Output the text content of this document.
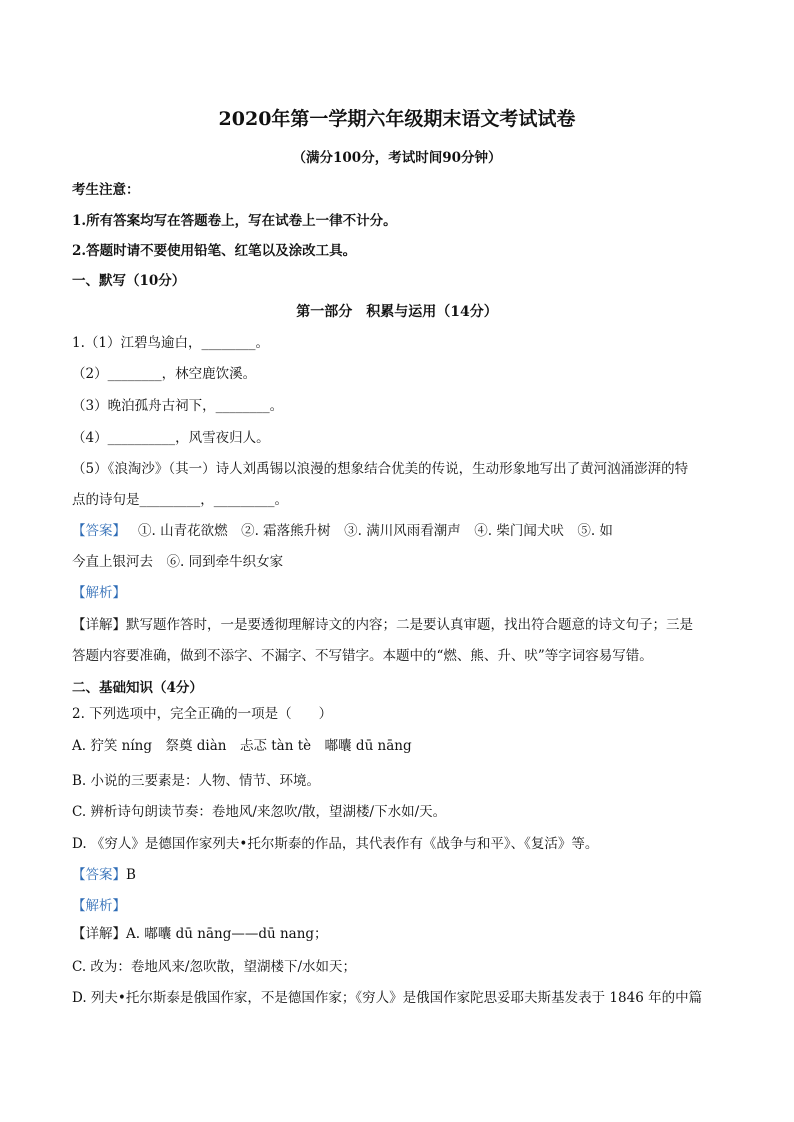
2020年第一学期六年级期末语文考试试卷
（满分100分，考试时间90分钟）
考生注意：
1.所有答案均写在答题卷上，写在试卷上一律不计分。
2.答题时请不要使用铅笔、红笔以及涂改工具。
一、默写（10分）
第一部分　积累与运用（14分）
1.（1）江碧鸟逾白，________。
（2）________，林空鹿饮溪。
（3）晚泊孤舟古祠下，________。
（4）__________，风雪夜归人。
（5）《浪淘沙》（其一）诗人刘禹锡以浪漫的想象结合优美的传说，生动形象地写出了黄河汹涌澎湃的特
点的诗句是_________，_________。
【答案】 ①. 山青花欲燃　②. 霜落熊升树　③. 满川风雨看潮声　④. 柴门闻犬吠　⑤. 如
今直上银河去　⑥. 同到牵牛织女家
【解析】
【详解】默写题作答时，一是要透彻理解诗文的内容；二是要认真审题，找出符合题意的诗文句子；三是
答题内容要准确，做到不添字、不漏字、不写错字。本题中的“燃、熊、升、吠”等字词容易写错。
二、基础知识（4分）
2. 下列选项中，完全正确的一项是（　　）
A. 狞笑 níng　祭奠 diàn　忐忑 tàn tè　嘟囔 dū nāng
B. 小说的三要素是：人物、情节、环境。
C. 辨析诗句朗读节奏：卷地风/来忽吹/散，望湖楼/下水如/天。
D. 《穷人》是德国作家列夫•托尔斯泰的作品，其代表作有《战争与和平》、《复活》等。
【答案】B
【解析】
【详解】A. 嘟囔 dū nāng——dū nang；
C. 改为：卷地风来/忽吹散，望湖楼下/水如天；
D. 列夫•托尔斯泰是俄国作家，不是德国作家；《穷人》是俄国作家陀思妥耶夫斯基发表于 1846 年的中篇
